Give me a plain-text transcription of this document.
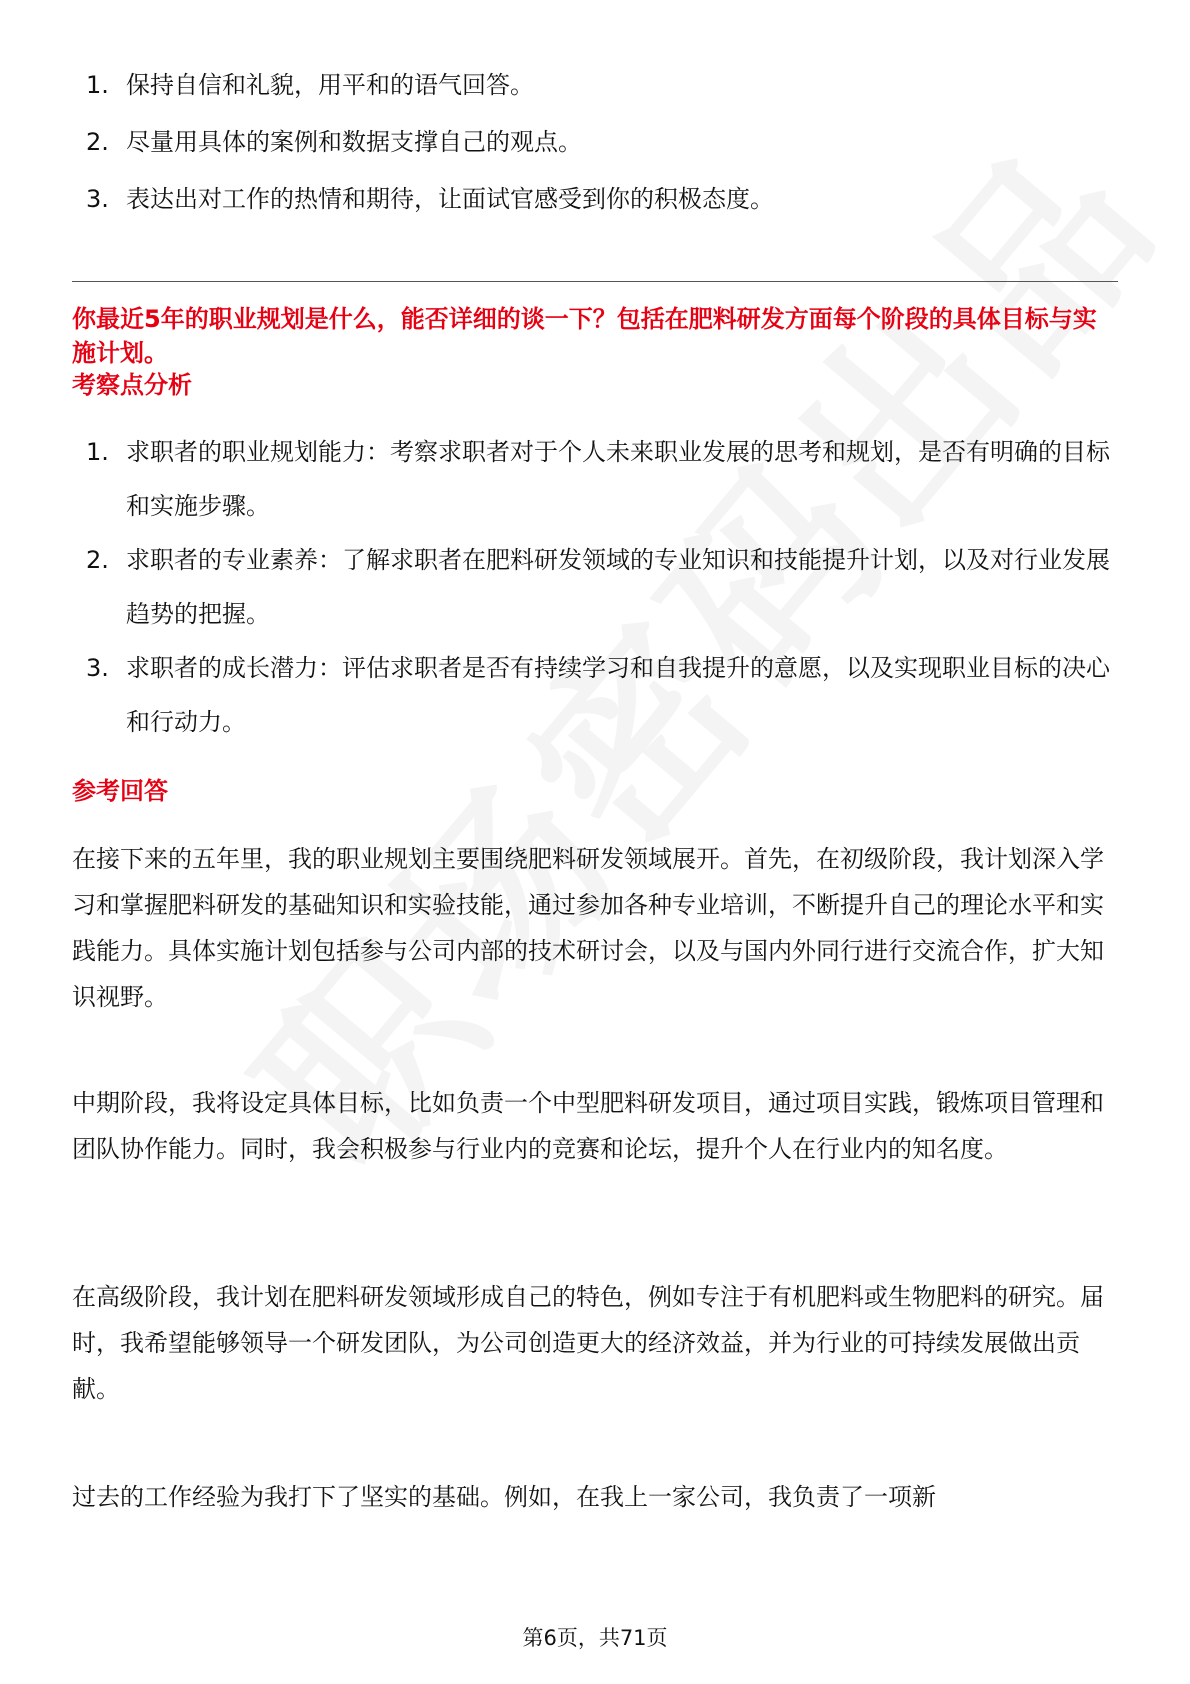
1. 保持自信和礼貌，用平和的语气回答。
2. 尽量用具体的案例和数据支撑自己的观点。
3. 表达出对工作的热情和期待，让面试官感受到你的积极态度。
你最近5年的职业规划是什么，能否详细的谈一下？包括在肥料研发方面每个阶段的具体目标与实施计划。
考察点分析
1. 求职者的职业规划能力：考察求职者对于个人未来职业发展的思考和规划，是否有明确的目标和实施步骤。
2. 求职者的专业素养：了解求职者在肥料研发领域的专业知识和技能提升计划，以及对行业发展趋势的把握。
3. 求职者的成长潜力：评估求职者是否有持续学习和自我提升的意愿，以及实现职业目标的决心和行动力。
参考回答

在接下来的五年里，我的职业规划主要围绕肥料研发领域展开。首先，在初级阶段，我计划深入学习和掌握肥料研发的基础知识和实验技能，通过参加各种专业培训，不断提升自己的理论水平和实践能力。具体实施计划包括参与公司内部的技术研讨会，以及与国内外同行进行交流合作，扩大知识视野。

中期阶段，我将设定具体目标，比如负责一个中型肥料研发项目，通过项目实践，锻炼项目管理和团队协作能力。同时，我会积极参与行业内的竞赛和论坛，提升个人在行业内的知名度。

在高级阶段，我计划在肥料研发领域形成自己的特色，例如专注于有机肥料或生物肥料的研究。届时，我希望能够领导一个研发团队，为公司创造更大的经济效益，并为行业的可持续发展做出贡献。

过去的工作经验为我打下了坚实的基础。例如，在我上一家公司，我负责了一项新

第6页，共71页
